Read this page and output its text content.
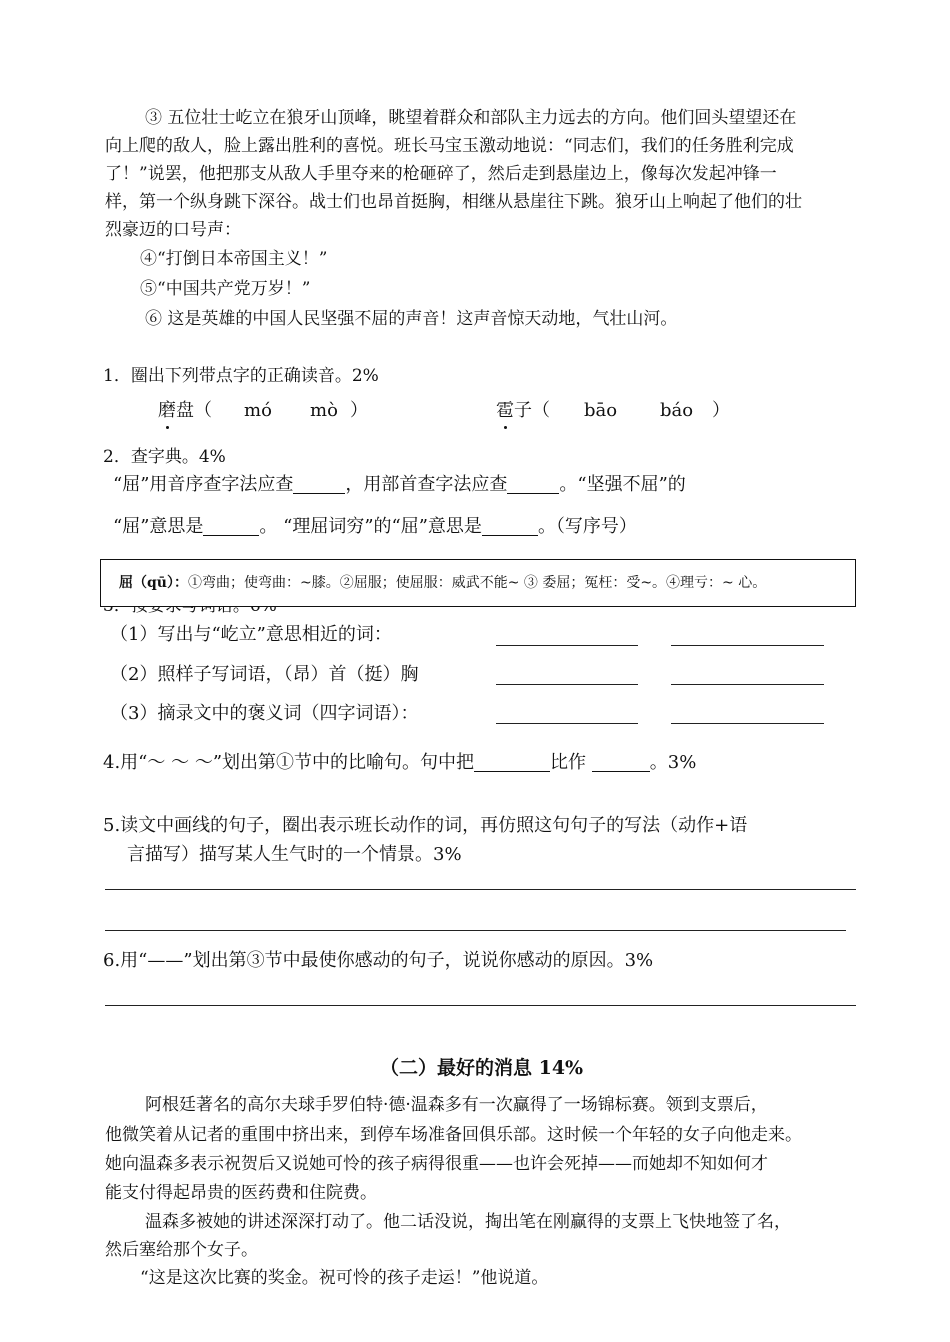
③ 五位壮士屹立在狼牙山顶峰，眺望着群众和部队主力远去的方向。他们回头望望还在
向上爬的敌人，脸上露出胜利的喜悦。班长马宝玉激动地说：“同志们，我们的任务胜利完成
了！”说罢，他把那支从敌人手里夺来的枪砸碎了，然后走到悬崖边上，像每次发起冲锋一
样，第一个纵身跳下深谷。战士们也昂首挺胸，相继从悬崖往下跳。狼牙山上响起了他们的壮
烈豪迈的口号声：
④“打倒日本帝国主义！”
⑤“中国共产党万岁！”
⑥ 这是英雄的中国人民坚强不屈的声音！这声音惊天动地，气壮山河。
1．圈出下列带点字的正确读音。2%
磨盘（ mó mò ）	雹子（ bāo báo ）
2．查字典。4%
“屈”用音序查字法应查	，用部首查字法应查	。“坚强不屈”的
“屈”意思是	。 “理屈词穷”的“屈”意思是	。（写序号）
屈（qū）：①弯曲；使弯曲：~膝。②屈服；使屈服：威武不能~ ③ 委屈；冤枉：受~。④理亏：~ 心。
（1）写出与“屹立”意思相近的词：
（2）照样子写词语，（昂）首（挺）胸
（3）摘录文中的褒义词（四字词语）：
4.用“～ ～ ～”划出第①节中的比喻句。句中把	比作	。3%
5.读文中画线的句子，圈出表示班长动作的词，再仿照这句句子的写法（动作+语
言描写）描写某人生气时的一个情景。3%
6.用“——”划出第③节中最使你感动的句子，说说你感动的原因。3%
（二）最好的消息 14%
阿根廷著名的高尔夫球手罗伯特·德·温森多有一次赢得了一场锦标赛。领到支票后，
他微笑着从记者的重围中挤出来，到停车场准备回俱乐部。这时候一个年轻的女子向他走来。
她向温森多表示祝贺后又说她可怜的孩子病得很重——也许会死掉——而她却不知如何才
能支付得起昂贵的医药费和住院费。
温森多被她的讲述深深打动了。他二话没说，掏出笔在刚赢得的支票上飞快地签了名，
然后塞给那个女子。
“这是这次比赛的奖金。祝可怜的孩子走运！”他说道。
